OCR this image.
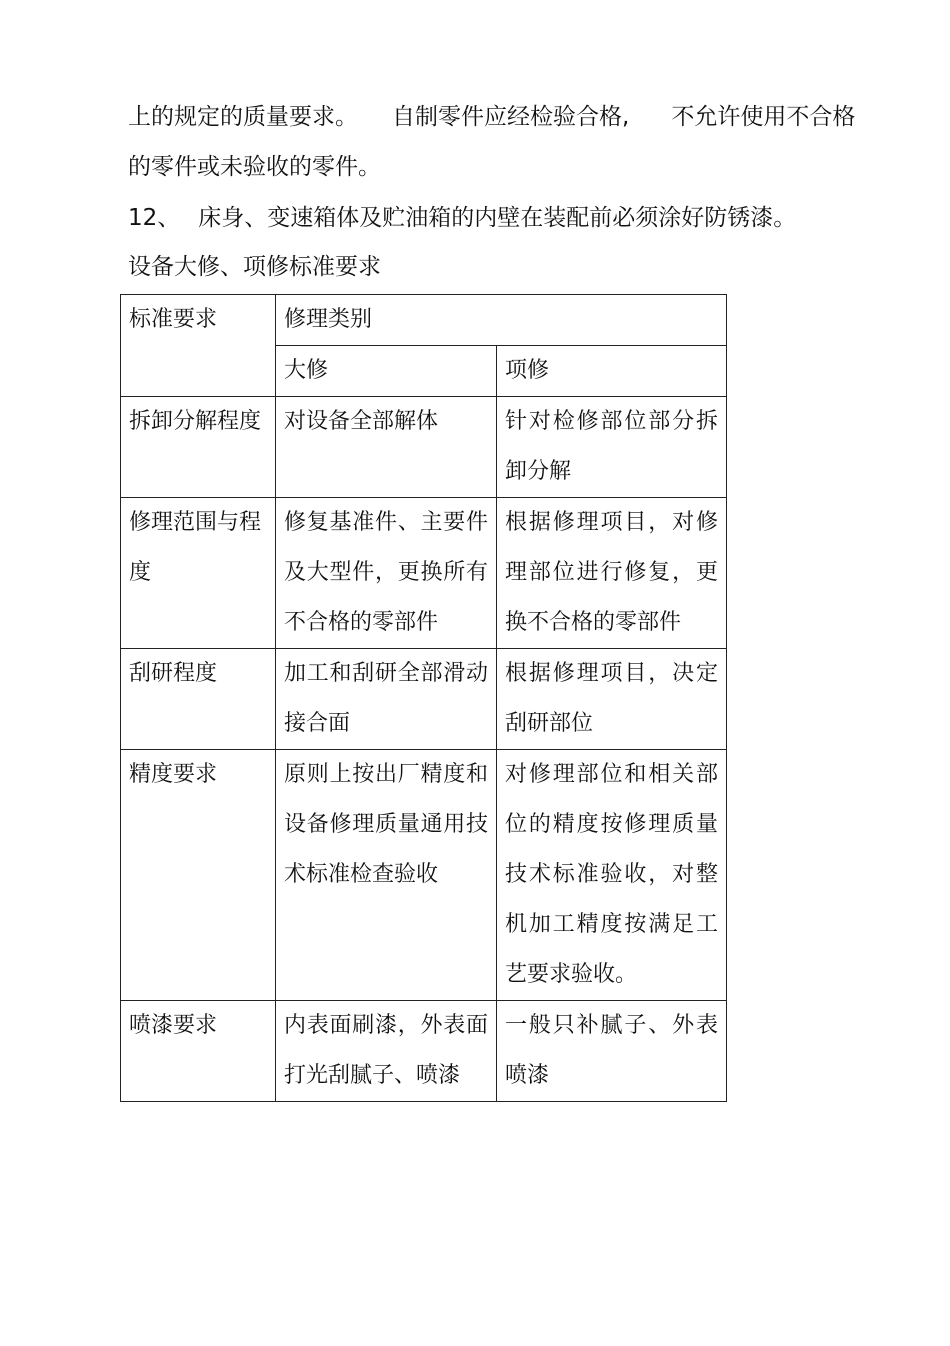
上的规定的质量要求。 自制零件应经检验合格, 不允许使用不合格
的零件或未验收的零件。
12、 床身、变速箱体及贮油箱的内壁在装配前必须涂好防锈漆。
设备大修、项修标准要求
标准要求	修理类别	
	大修	项修
拆卸分解程度	对设备全部解体	针对检修部位部分拆卸分解
修理范围与程度	修复基准件、主要件及大型件，更换所有不合格的零部件	根据修理项目，对修理部位进行修复，更换不合格的零部件
刮研程度	加工和刮研全部滑动接合面	根据修理项目，决定刮研部位
精度要求	原则上按出厂精度和设备修理质量通用技术标准检查验收	对修理部位和相关部位的精度按修理质量技术标准验收，对整机加工精度按满足工艺要求验收。
喷漆要求	内表面刷漆，外表面打光刮腻子、喷漆	一般只补腻子、外表喷漆
